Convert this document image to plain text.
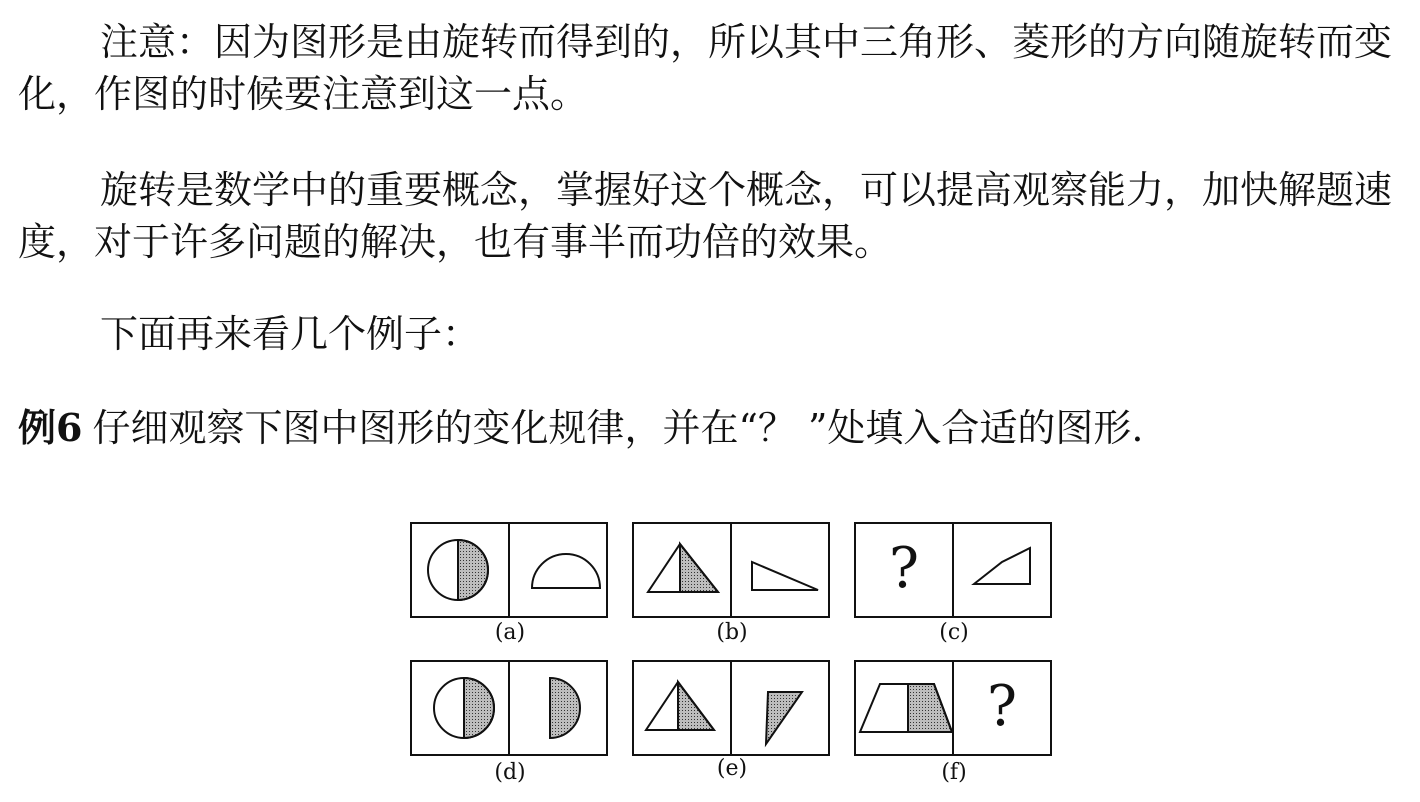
注意：因为图形是由旋转而得到的，所以其中三角形、菱形的方向随旋转而变化，作图的时候要注意到这一点。

旋转是数学中的重要概念，掌握好这个概念，可以提高观察能力，加快解题速度，对于许多问题的解决，也有事半而功倍的效果。

下面再来看几个例子：

例6 仔细观察下图中图形的变化规律，并在“？ ”处填入合适的图形.

(a)	(b)
?
(c)
(d)	(e)
?
(f)
